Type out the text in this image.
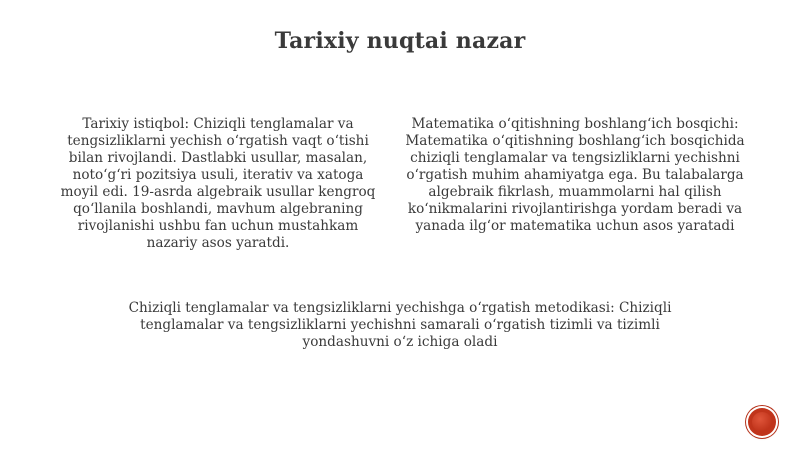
Tarixiy nuqtai nazar

Tarixiy istiqbol: Chiziqli tenglamalar va tengsizliklarni yechish o‘rgatish vaqt o‘tishi bilan rivojlandi. Dastlabki usullar, masalan, noto‘g‘ri pozitsiya usuli, iterativ va xatoga moyil edi. 19-asrda algebraik usullar kengroq qo‘llanila boshlandi, mavhum algebraning rivojlanishi ushbu fan uchun mustahkam nazariy asos yaratdi.

Matematika o‘qitishning boshlang‘ich bosqichi: Matematika o‘qitishning boshlang‘ich bosqichida chiziqli tenglamalar va tengsizliklarni yechishni o‘rgatish muhim ahamiyatga ega. Bu talabalarga algebraik fikrlash, muammolarni hal qilish ko‘nikmalarini rivojlantirishga yordam beradi va yanada ilg‘or matematika uchun asos yaratadi

Chiziqli tenglamalar va tengsizliklarni yechishga o‘rgatish metodikasi: Chiziqli tenglamalar va tengsizliklarni yechishni samarali o‘rgatish tizimli va tizimli yondashuvni o‘z ichiga oladi
